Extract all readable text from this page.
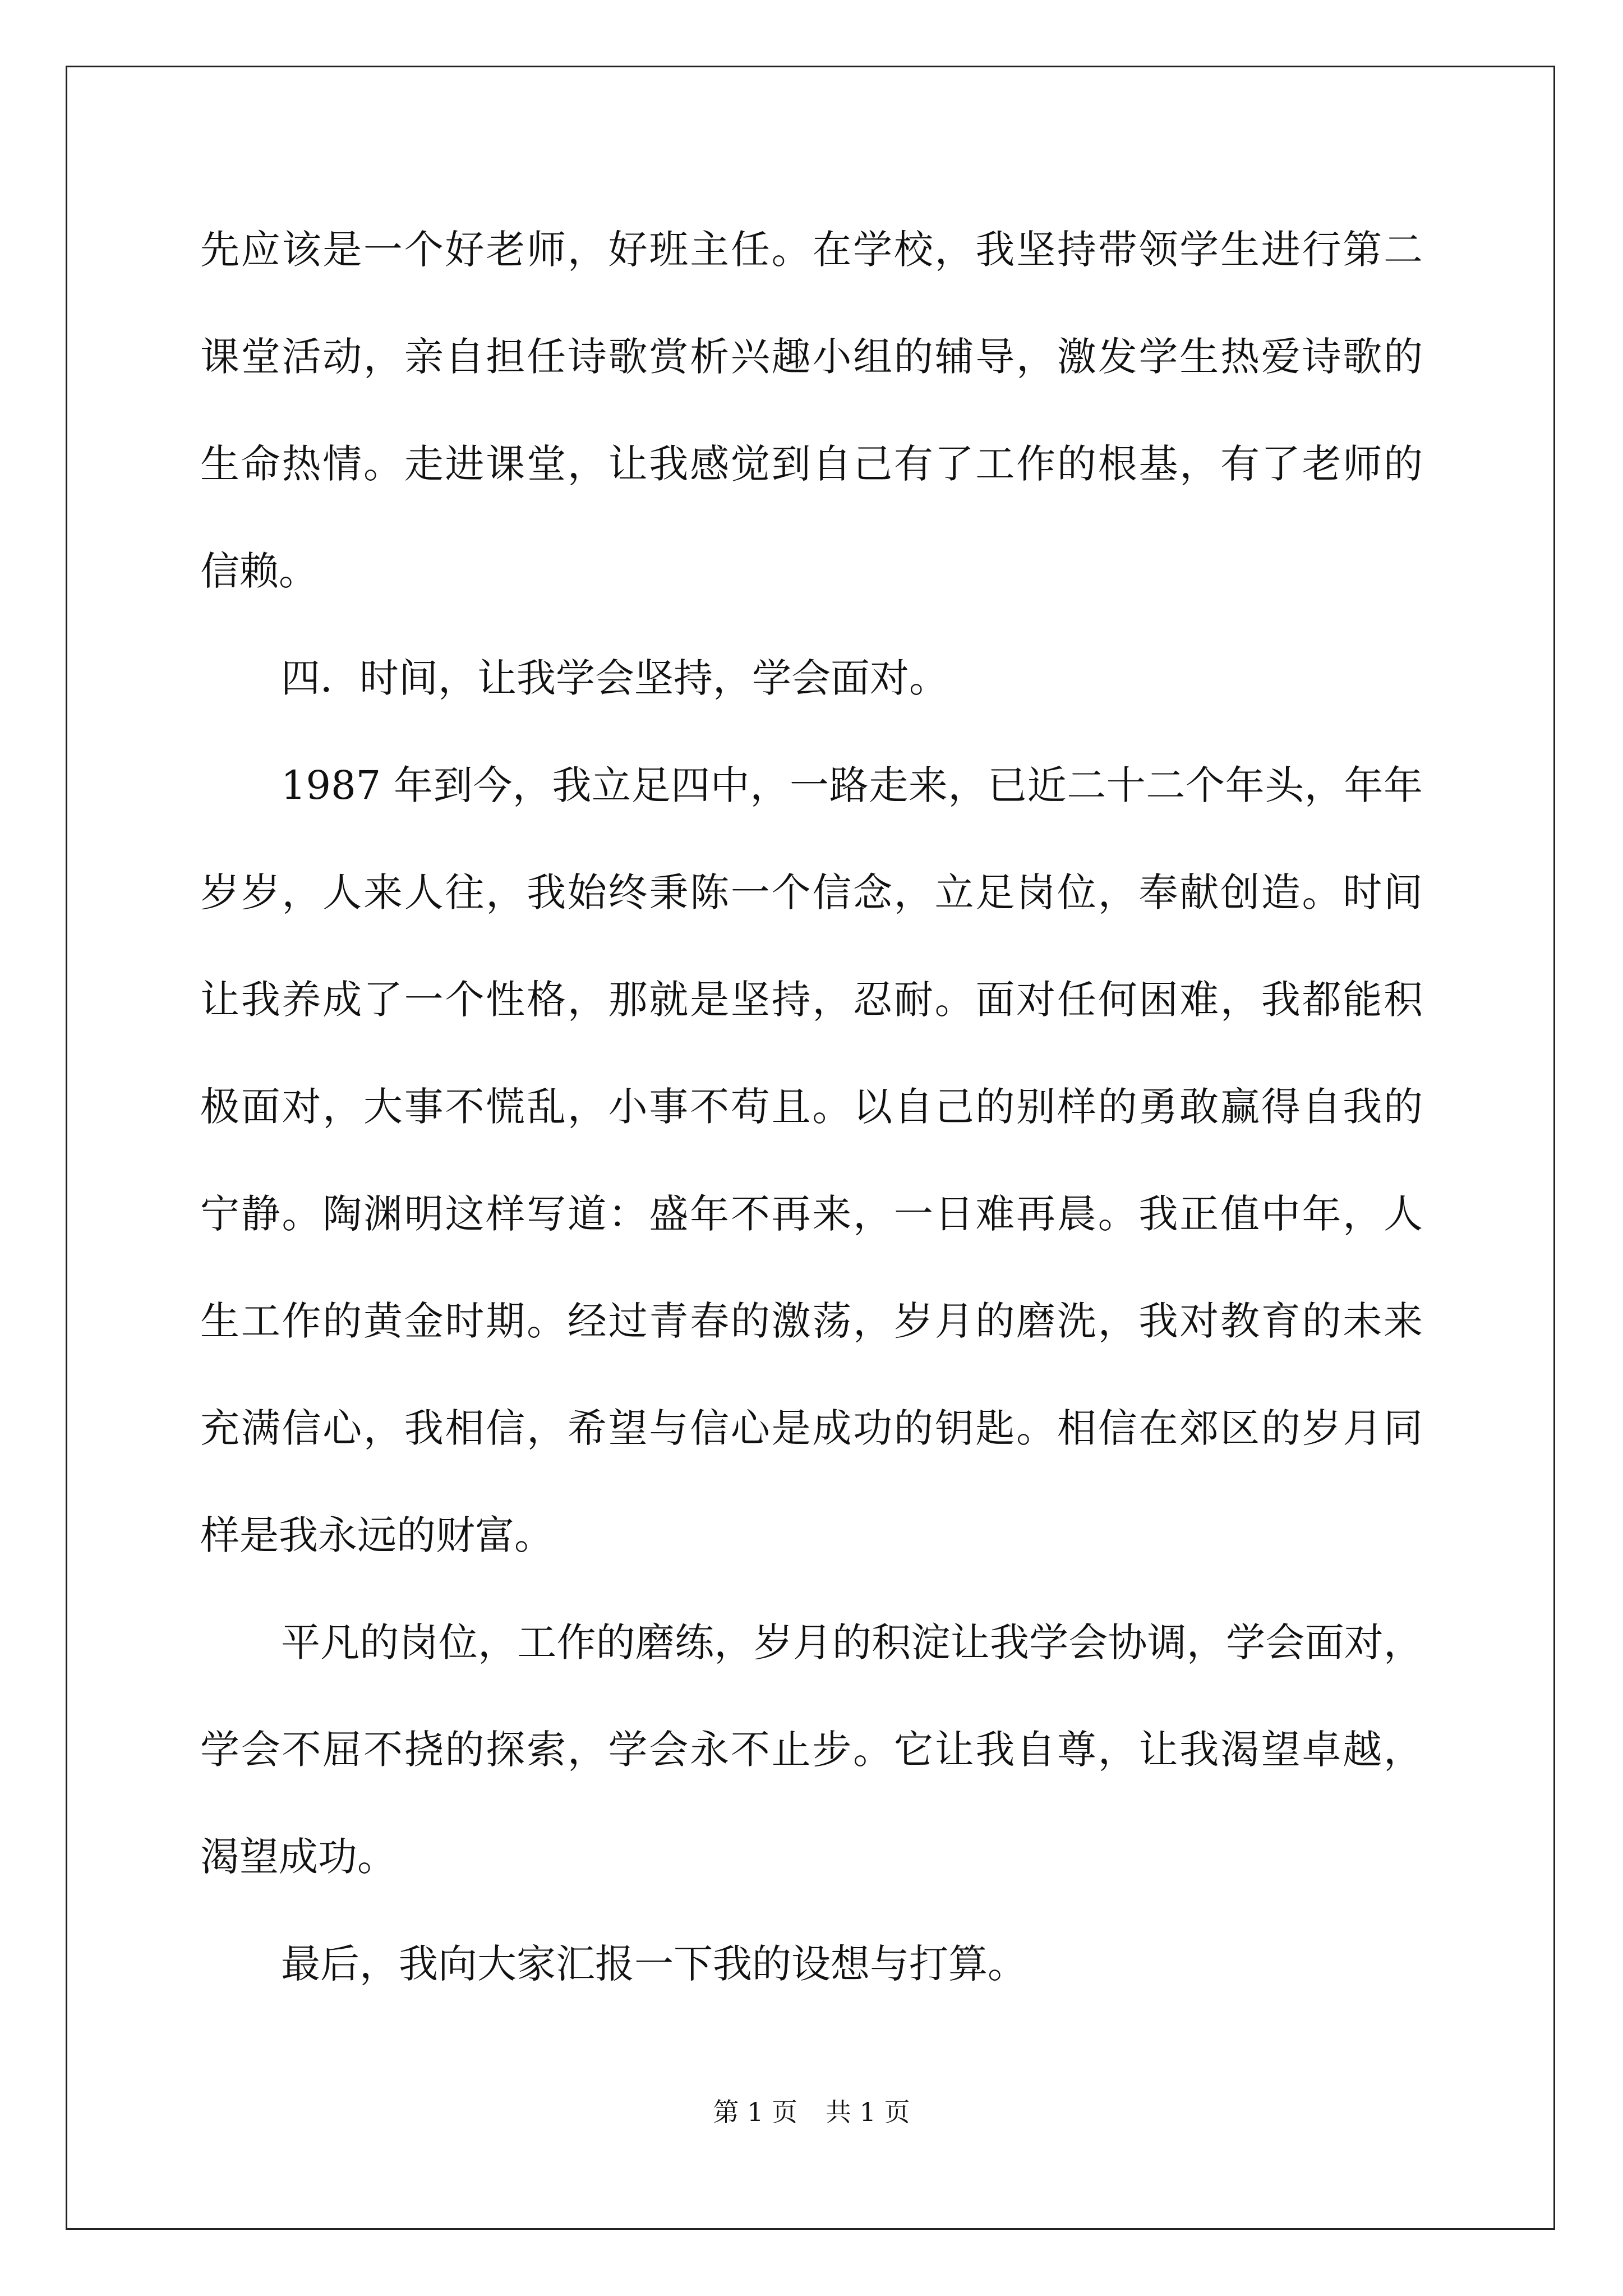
先应该是一个好老师，好班主任。在学校，我坚持带领学生进行第二
课堂活动，亲自担任诗歌赏析兴趣小组的辅导，激发学生热爱诗歌的
生命热情。走进课堂，让我感觉到自己有了工作的根基，有了老师的
信赖。
四．时间，让我学会坚持，学会面对。
1987 年到今，我立足四中，一路走来，已近二十二个年头，年年
岁岁，人来人往，我始终秉陈一个信念，立足岗位，奉献创造。时间
让我养成了一个性格，那就是坚持，忍耐。面对任何困难，我都能积
极面对，大事不慌乱，小事不苟且。以自己的别样的勇敢赢得自我的
宁静。陶渊明这样写道：盛年不再来，一日难再晨。我正值中年，人
生工作的黄金时期。经过青春的激荡，岁月的磨洗，我对教育的未来
充满信心，我相信，希望与信心是成功的钥匙。相信在郊区的岁月同
样是我永远的财富。
平凡的岗位，工作的磨练，岁月的积淀让我学会协调，学会面对，
学会不屈不挠的探索，学会永不止步。它让我自尊，让我渴望卓越，
渴望成功。
最后，我向大家汇报一下我的设想与打算。
第 1 页 共 1 页
